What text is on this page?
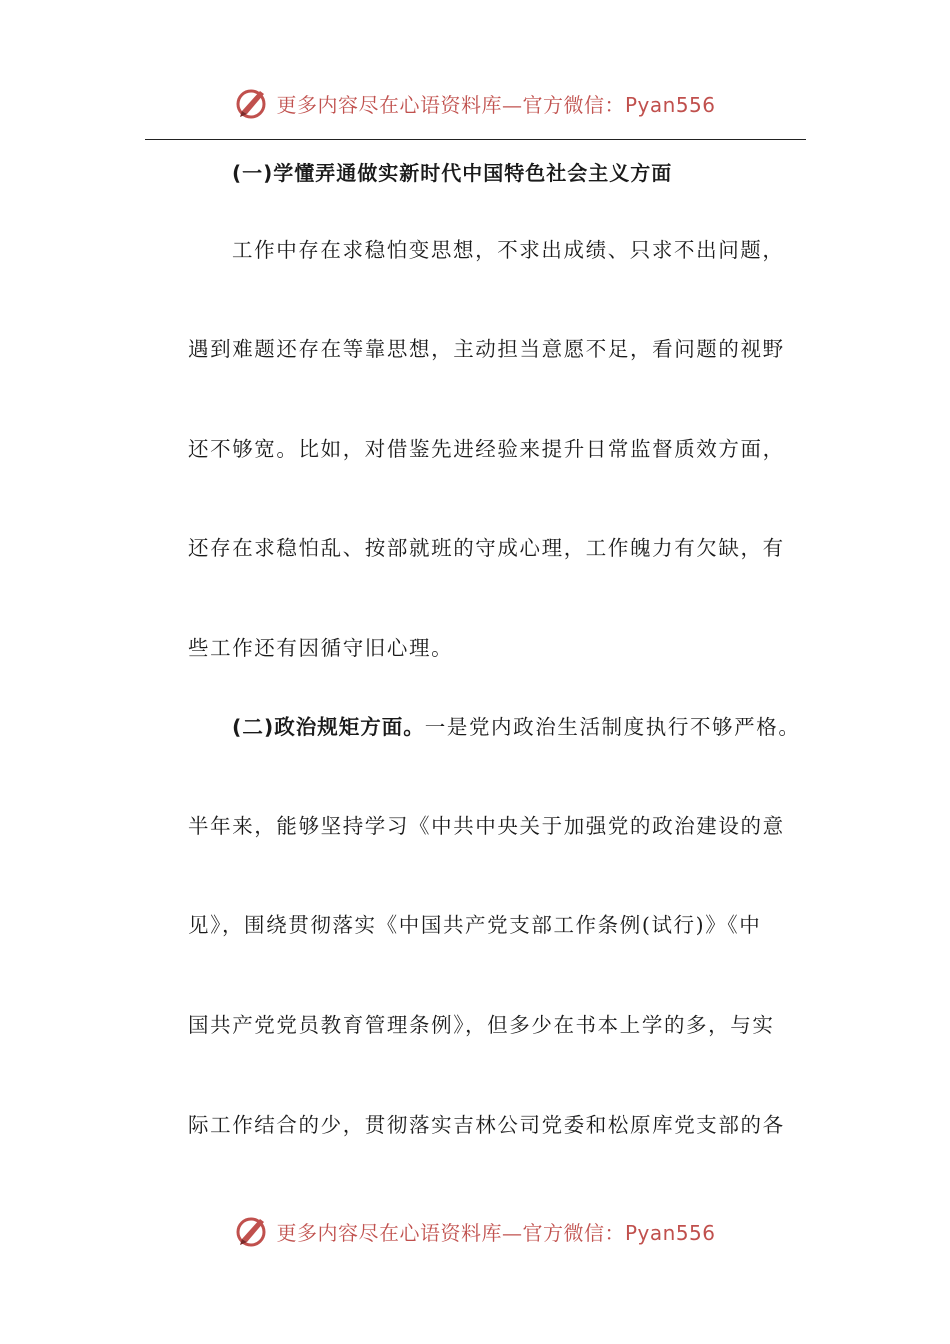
更多内容尽在心语资料库—官方微信：Pyan556
(一)学懂弄通做实新时代中国特色社会主义方面
工作中存在求稳怕变思想，不求出成绩、只求不出问题，
遇到难题还存在等靠思想，主动担当意愿不足，看问题的视野
还不够宽。比如，对借鉴先进经验来提升日常监督质效方面，
还存在求稳怕乱、按部就班的守成心理，工作魄力有欠缺，有
些工作还有因循守旧心理。
(二)政治规矩方面。一是党内政治生活制度执行不够严格。
半年来，能够坚持学习《中共中央关于加强党的政治建设的意
见》，围绕贯彻落实《中国共产党支部工作条例(试行)》《中
国共产党党员教育管理条例》，但多少在书本上学的多，与实
际工作结合的少，贯彻落实吉林公司党委和松原库党支部的各
更多内容尽在心语资料库—官方微信：Pyan556
